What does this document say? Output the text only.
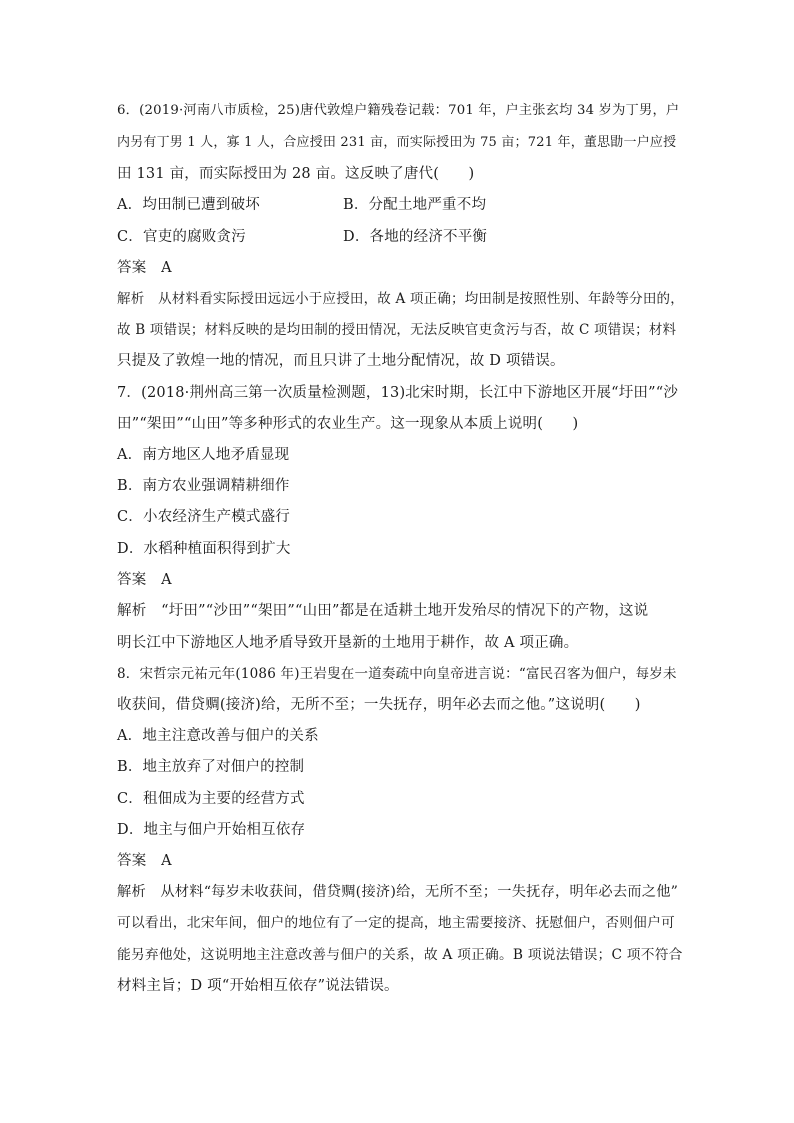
6．(2019·河南八市质检，25)唐代敦煌户籍残卷记载：701 年，户主张玄均 34 岁为丁男，户
内另有丁男 1 人，寡 1 人，合应授田 231 亩，而实际授田为 75 亩；721 年，董思勖一户应授
田 131 亩，而实际授田为 28 亩。这反映了唐代(　　)
A．均田制已遭到破坏	B．分配土地严重不均
C．官吏的腐败贪污	D．各地的经济不平衡
答案　A
解析　从材料看实际授田远远小于应授田，故 A 项正确；均田制是按照性别、年龄等分田的，
故 B 项错误；材料反映的是均田制的授田情况，无法反映官吏贪污与否，故 C 项错误；材料
只提及了敦煌一地的情况，而且只讲了土地分配情况，故 D 项错误。
7．(2018·荆州高三第一次质量检测题，13)北宋时期，长江中下游地区开展“圩田”“沙
田”“架田”“山田”等多种形式的农业生产。这一现象从本质上说明(　　)
A．南方地区人地矛盾显现
B．南方农业强调精耕细作
C．小农经济生产模式盛行
D．水稻种植面积得到扩大
答案　A
解析　“圩田”“沙田”“架田”“山田”都是在适耕土地开发殆尽的情况下的产物，这说
明长江中下游地区人地矛盾导致开垦新的土地用于耕作，故 A 项正确。
8．宋哲宗元祐元年(1086 年)王岩叟在一道奏疏中向皇帝进言说：“富民召客为佃户，每岁未
收获间，借贷赒(接济)给，无所不至；一失抚存，明年必去而之他。”这说明(　　)
A．地主注意改善与佃户的关系
B．地主放弃了对佃户的控制
C．租佃成为主要的经营方式
D．地主与佃户开始相互依存
答案　A
解析　从材料“每岁未收获间，借贷赒(接济)给，无所不至；一失抚存，明年必去而之他”
可以看出，北宋年间，佃户的地位有了一定的提高，地主需要接济、抚慰佃户，否则佃户可
能另弃他处，这说明地主注意改善与佃户的关系，故 A 项正确。B 项说法错误；C 项不符合
材料主旨；D 项“开始相互依存”说法错误。
